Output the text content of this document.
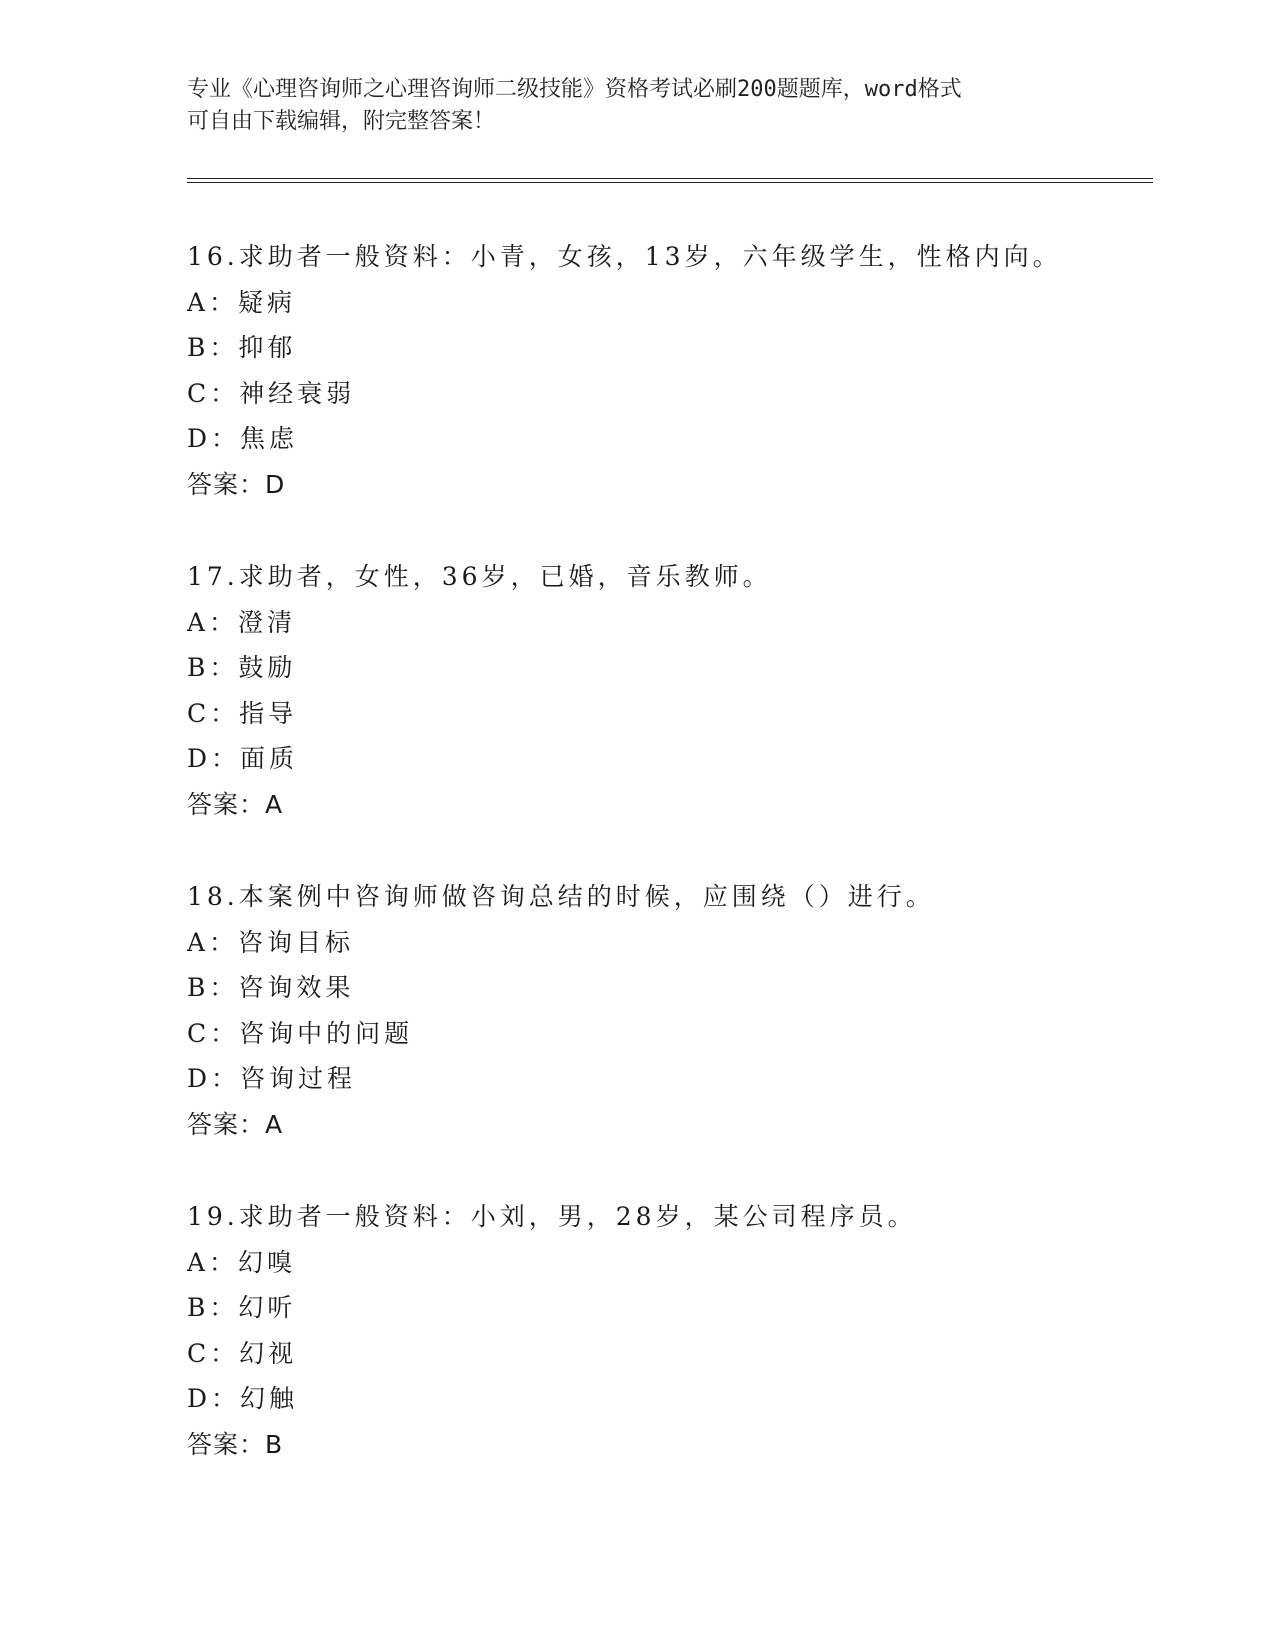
专业《心理咨询师之心理咨询师二级技能》资格考试必刷200题题库，word格式
可自由下载编辑，附完整答案！
16.求助者一般资料：小青，女孩，13岁，六年级学生，性格内向。
A：疑病
B：抑郁
C：神经衰弱
D：焦虑
答案：D
17.求助者，女性，36岁，已婚，音乐教师。
A：澄清
B：鼓励
C：指导
D：面质
答案：A
18.本案例中咨询师做咨询总结的时候，应围绕（）进行。
A：咨询目标
B：咨询效果
C：咨询中的问题
D：咨询过程
答案：A
19.求助者一般资料：小刘，男，28岁，某公司程序员。
A：幻嗅
B：幻听
C：幻视
D：幻触
答案：B
